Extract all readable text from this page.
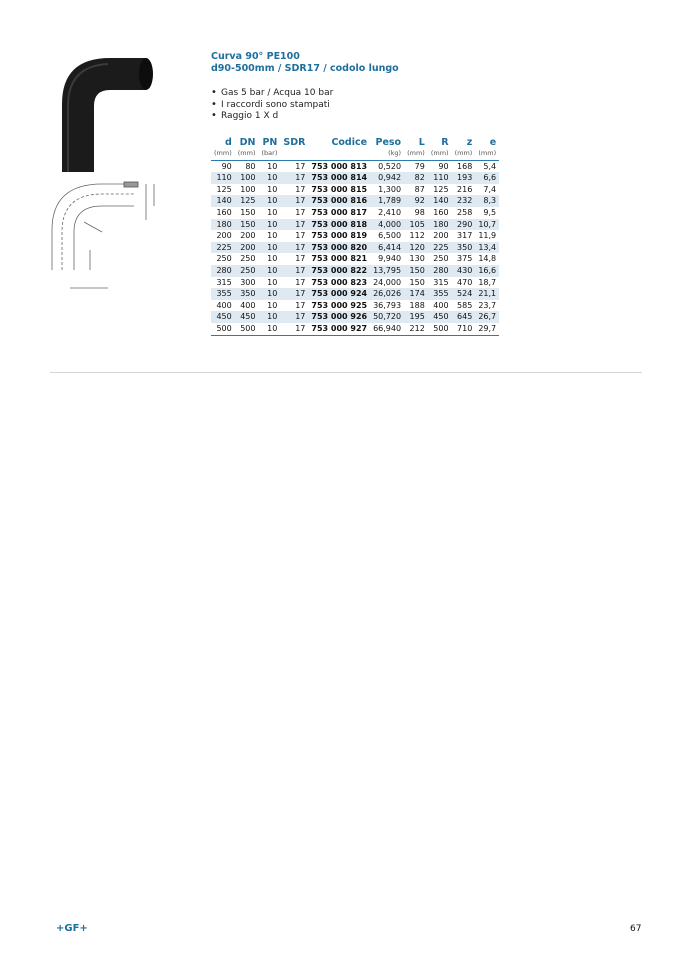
Curva 90° PE100
d90-500mm / SDR17 / codolo lungo
• Gas 5 bar / Acqua 10 bar
• I raccordi sono stampati
• Raggio 1 X d
d	DN	PN	SDR	Codice	Peso	L	R	z	e
(mm)	(mm)	(bar)			(kg)	(mm)	(mm)	(mm)	(mm)
90	80	10	17	753 000 813	0,520	79	90	168	5,4
110	100	10	17	753 000 814	0,942	82	110	193	6,6
125	100	10	17	753 000 815	1,300	87	125	216	7,4
140	125	10	17	753 000 816	1,789	92	140	232	8,3
160	150	10	17	753 000 817	2,410	98	160	258	9,5
180	150	10	17	753 000 818	4,000	105	180	290	10,7
200	200	10	17	753 000 819	6,500	112	200	317	11,9
225	200	10	17	753 000 820	6,414	120	225	350	13,4
250	250	10	17	753 000 821	9,940	130	250	375	14,8
280	250	10	17	753 000 822	13,795	150	280	430	16,6
315	300	10	17	753 000 823	24,000	150	315	470	18,7
355	350	10	17	753 000 924	26,026	174	355	524	21,1
400	400	10	17	753 000 925	36,793	188	400	585	23,7
450	450	10	17	753 000 926	50,720	195	450	645	26,7
500	500	10	17	753 000 927	66,940	212	500	710	29,7
+GF+	67
